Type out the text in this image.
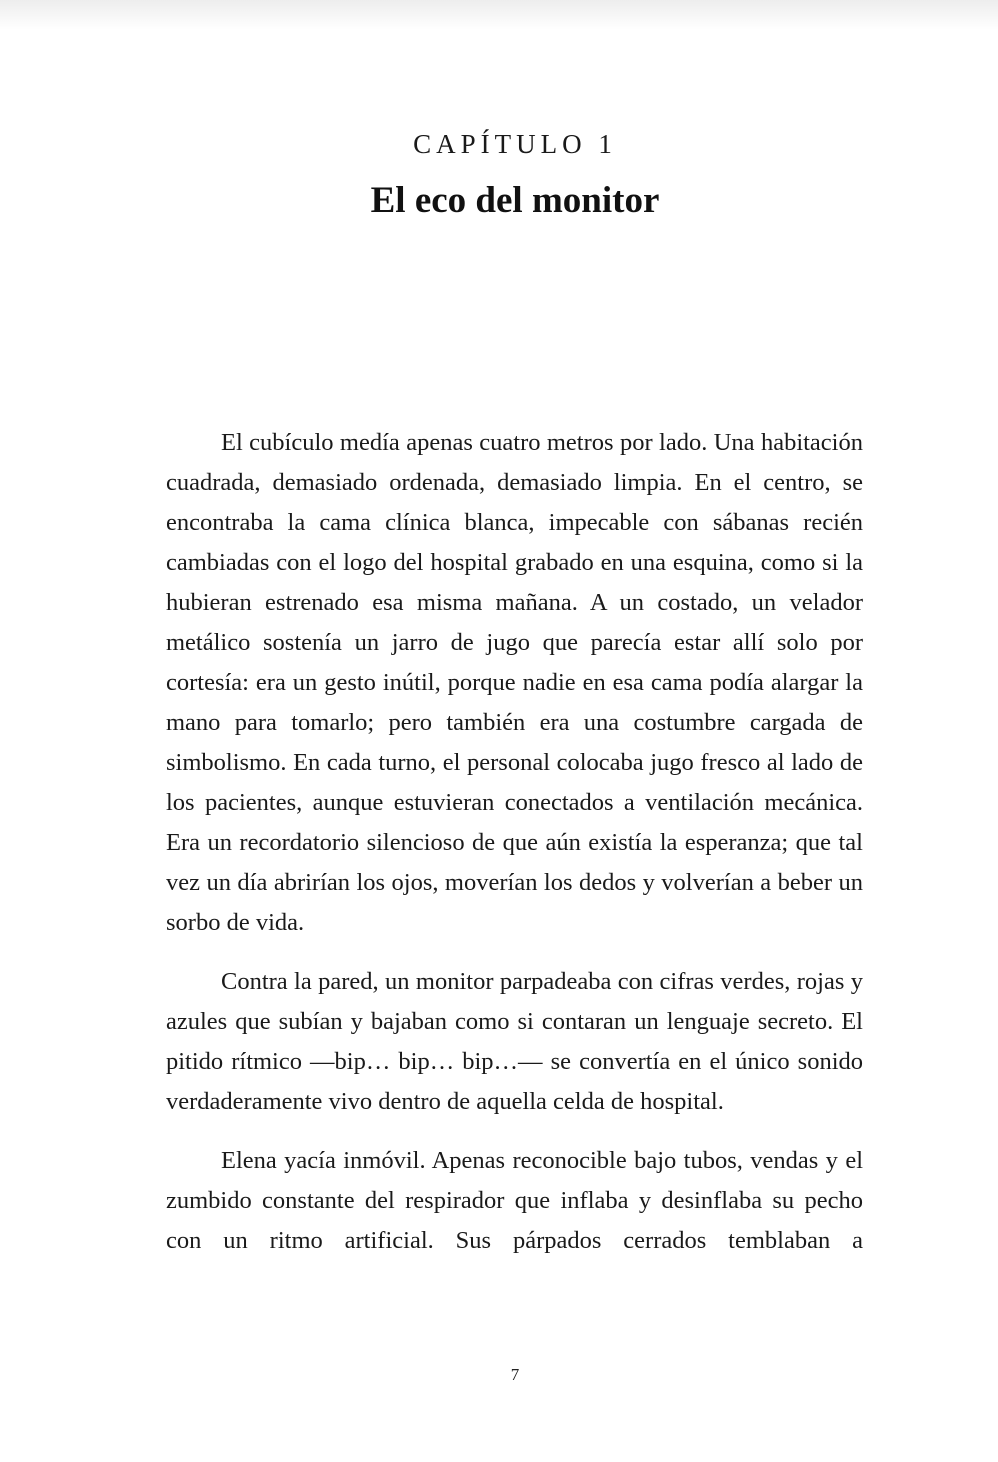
CAPÍTULO 1
El eco del monitor

El cubículo medía apenas cuatro metros por lado. Una habitación cuadrada, demasiado ordenada, demasiado limpia. En el centro, se encontraba la cama clínica blanca, impecable con sábanas recién cambiadas con el logo del hospital grabado en una esquina, como si la hubieran estrenado esa misma mañana. A un costado, un velador metálico sostenía un jarro de jugo que parecía estar allí solo por cortesía: era un gesto inútil, porque nadie en esa cama podía alargar la mano para tomarlo; pero también era una costumbre cargada de simbolismo. En cada turno, el personal colocaba jugo fresco al lado de los pacientes, aunque estuvieran conectados a ventilación mecánica. Era un recordatorio silencioso de que aún existía la esperanza; que tal vez un día abrirían los ojos, moverían los dedos y volverían a beber un sorbo de vida.

Contra la pared, un monitor parpadeaba con cifras verdes, rojas y azules que subían y bajaban como si contaran un lenguaje secreto. El pitido rítmico —bip… bip… bip…— se convertía en el único sonido verdaderamente vivo dentro de aquella celda de hospital.

Elena yacía inmóvil. Apenas reconocible bajo tubos, vendas y el zumbido constante del respirador que inflaba y desinflaba su pecho con un ritmo artificial. Sus párpados cerrados temblaban a

7
